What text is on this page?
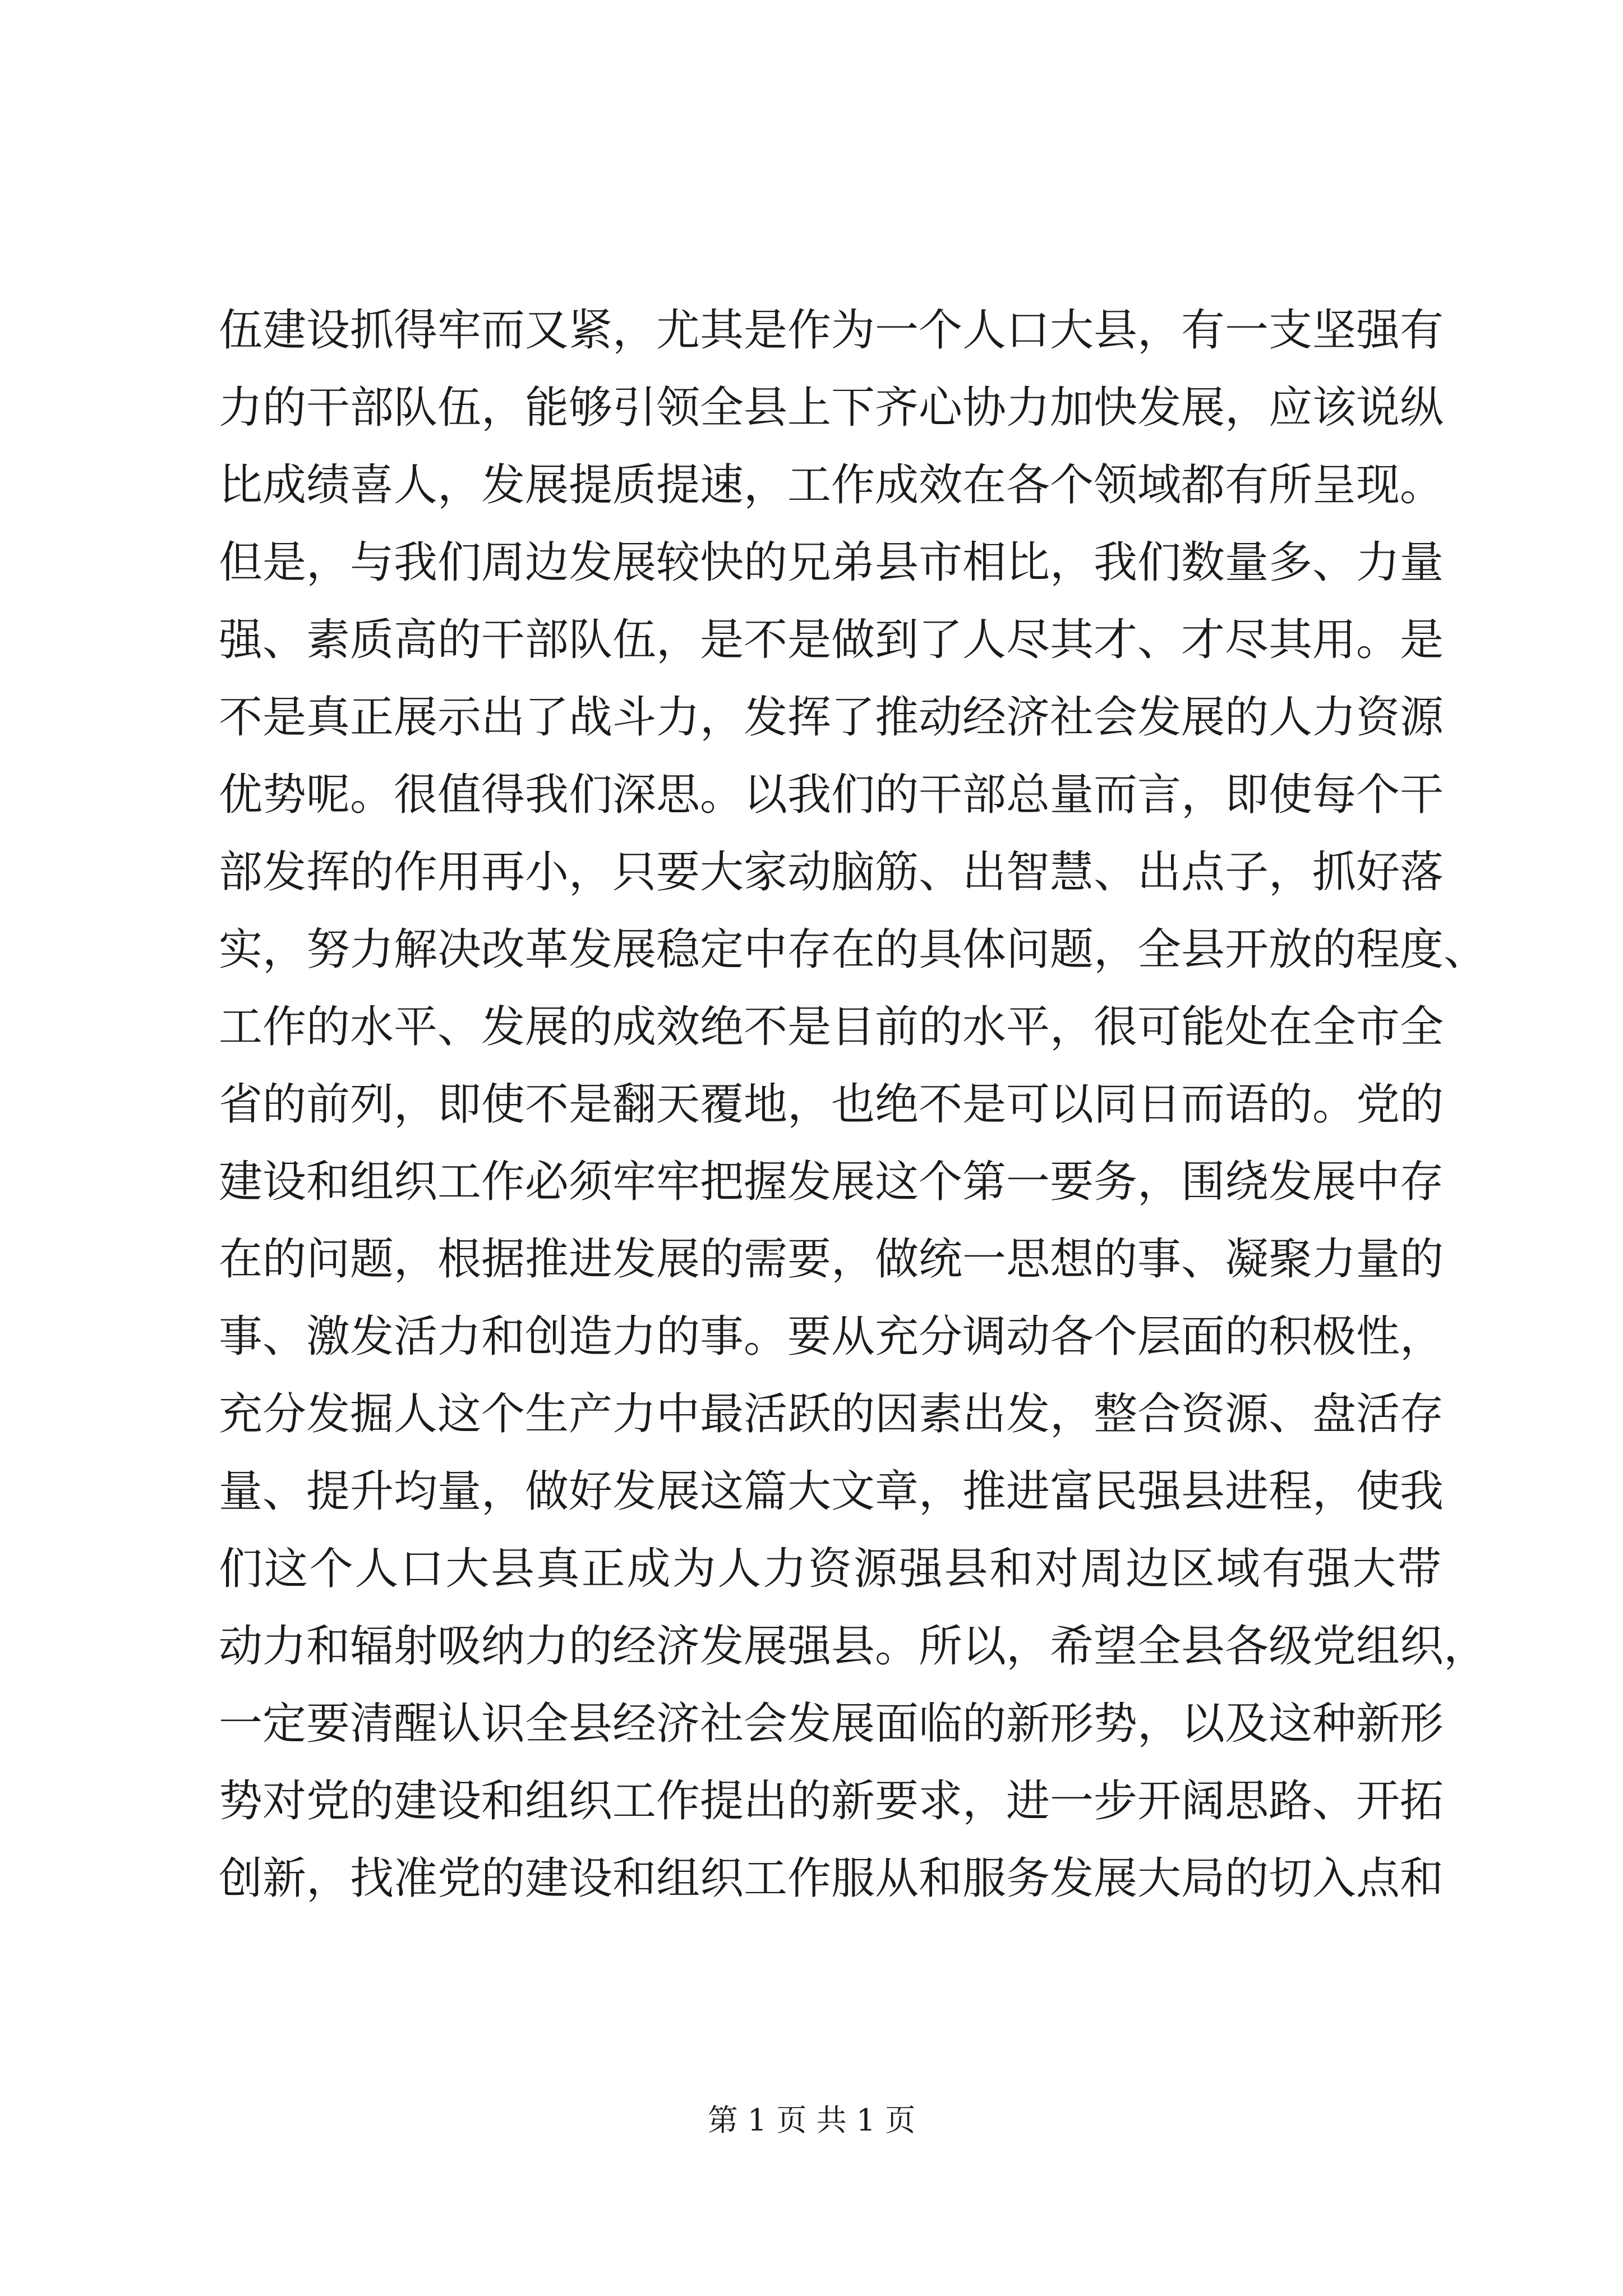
伍建设抓得牢而又紧，尤其是作为一个人口大县，有一支坚强有
力的干部队伍，能够引领全县上下齐心协力加快发展，应该说纵
比成绩喜人，发展提质提速，工作成效在各个领域都有所呈现。
但是，与我们周边发展较快的兄弟县市相比，我们数量多、力量
强、素质高的干部队伍，是不是做到了人尽其才、才尽其用。是
不是真正展示出了战斗力，发挥了推动经济社会发展的人力资源
优势呢。很值得我们深思。以我们的干部总量而言，即使每个干
部发挥的作用再小，只要大家动脑筋、出智慧、出点子，抓好落
实，努力解决改革发展稳定中存在的具体问题，全县开放的程度、
工作的水平、发展的成效绝不是目前的水平，很可能处在全市全
省的前列，即使不是翻天覆地，也绝不是可以同日而语的。党的
建设和组织工作必须牢牢把握发展这个第一要务，围绕发展中存
在的问题，根据推进发展的需要，做统一思想的事、凝聚力量的
事、激发活力和创造力的事。要从充分调动各个层面的积极性，
充分发掘人这个生产力中最活跃的因素出发，整合资源、盘活存
量、提升均量，做好发展这篇大文章，推进富民强县进程，使我
们这个人口大县真正成为人力资源强县和对周边区域有强大带
动力和辐射吸纳力的经济发展强县。所以，希望全县各级党组织，
一定要清醒认识全县经济社会发展面临的新形势，以及这种新形
势对党的建设和组织工作提出的新要求，进一步开阔思路、开拓
创新，找准党的建设和组织工作服从和服务发展大局的切入点和
第 1 页 共 1 页
